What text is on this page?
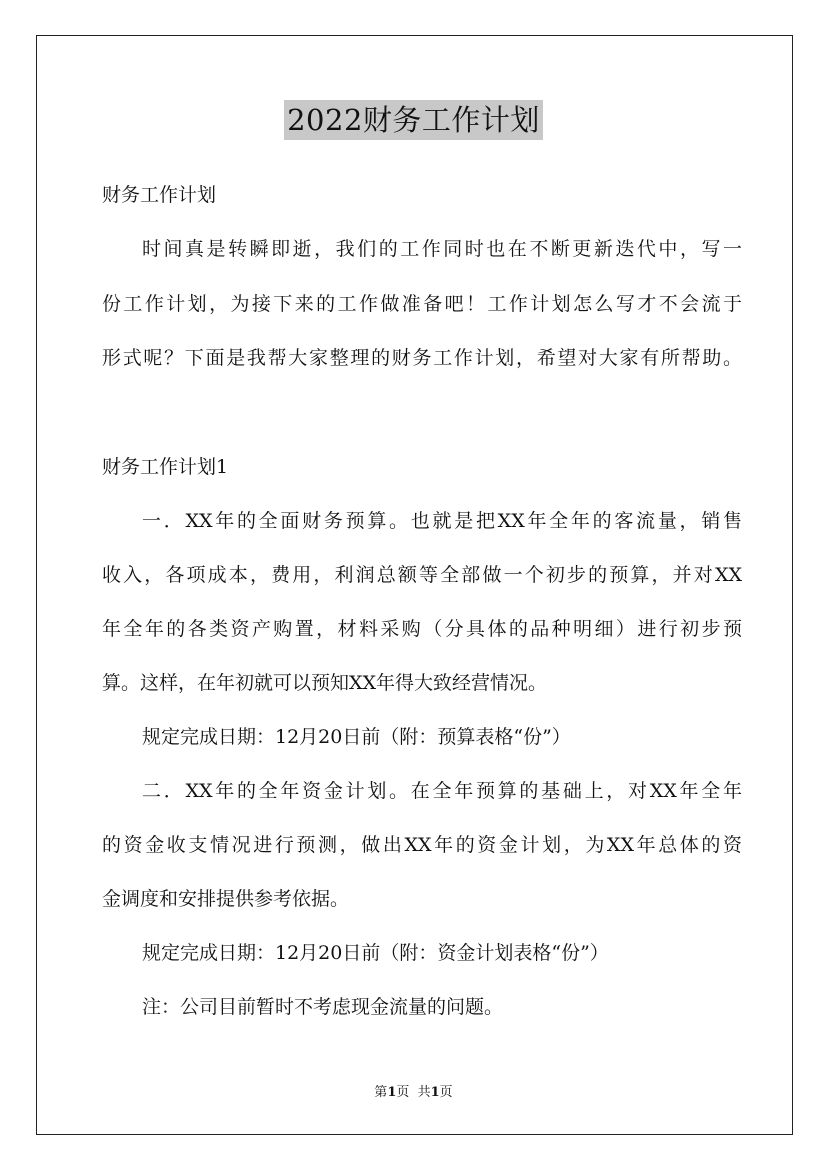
2022财务工作计划
财务工作计划
时间真是转瞬即逝，我们的工作同时也在不断更新迭代中，写一
份工作计划，为接下来的工作做准备吧！工作计划怎么写才不会流于
形式呢？下面是我帮大家整理的财务工作计划，希望对大家有所帮助。
财务工作计划1
一．XX年的全面财务预算。也就是把XX年全年的客流量，销售
收入，各项成本，费用，利润总额等全部做一个初步的预算，并对XX
年全年的各类资产购置，材料采购（分具体的品种明细）进行初步预
算。这样，在年初就可以预知XX年得大致经营情况。
规定完成日期：12月20日前（附：预算表格“份”）
二．XX年的全年资金计划。在全年预算的基础上，对XX年全年
的资金收支情况进行预测，做出XX年的资金计划，为XX年总体的资
金调度和安排提供参考依据。
规定完成日期：12月20日前（附：资金计划表格“份”）
注：公司目前暂时不考虑现金流量的问题。
第1页  共1页
